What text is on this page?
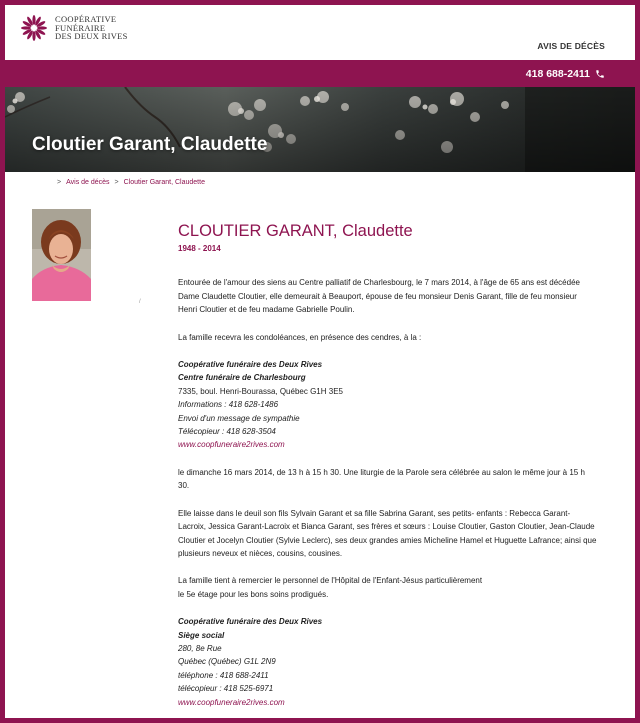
COOPÉRATIVE
FUNÉRAIRE
DES DEUX RIVES
AVIS DE DÉCÈS
418 688-2411
Cloutier Garant, Claudette
> Avis de décès > Cloutier Garant, Claudette
/
CLOUTIER GARANT, Claudette
1948 - 2014

Entourée de l'amour des siens au Centre palliatif de Charlesbourg, le 7 mars 2014, à l'âge de 65 ans est décédée Dame Claudette Cloutier, elle demeurait à Beauport, épouse de feu monsieur Denis Garant, fille de feu monsieur Henri Cloutier et de feu madame Gabrielle Poulin.

La famille recevra les condoléances, en présence des cendres, à la :

Coopérative funéraire des Deux Rives
Centre funéraire de Charlesbourg
7335, boul. Henri-Bourassa, Québec G1H 3E5
Informations : 418 628-1486
Envoi d'un message de sympathie
Télécopieur : 418 628-3504
www.coopfuneraire2rives.com

le dimanche 16 mars 2014, de 13 h à 15 h 30. Une liturgie de la Parole sera célébrée au salon le même jour à 15 h 30.

Elle laisse dans le deuil son fils Sylvain Garant et sa fille Sabrina Garant, ses petits- enfants : Rebecca Garant-Lacroix, Jessica Garant-Lacroix et Bianca Garant, ses frères et sœurs : Louise Cloutier, Gaston Cloutier, Jean-Claude Cloutier et Jocelyn Cloutier (Sylvie Leclerc), ses deux grandes amies Micheline Hamel et Huguette Lafrance; ainsi que plusieurs neveux et nièces, cousins, cousines.

La famille tient à remercier le personnel de l'Hôpital de l'Enfant-Jésus particulièrement
le 5e étage pour les bons soins prodigués.

Coopérative funéraire des Deux Rives
Siège social
280, 8e Rue
Québec (Québec) G1L 2N9
téléphone : 418 688-2411
télécopieur : 418 525-6971
www.coopfuneraire2rives.com
